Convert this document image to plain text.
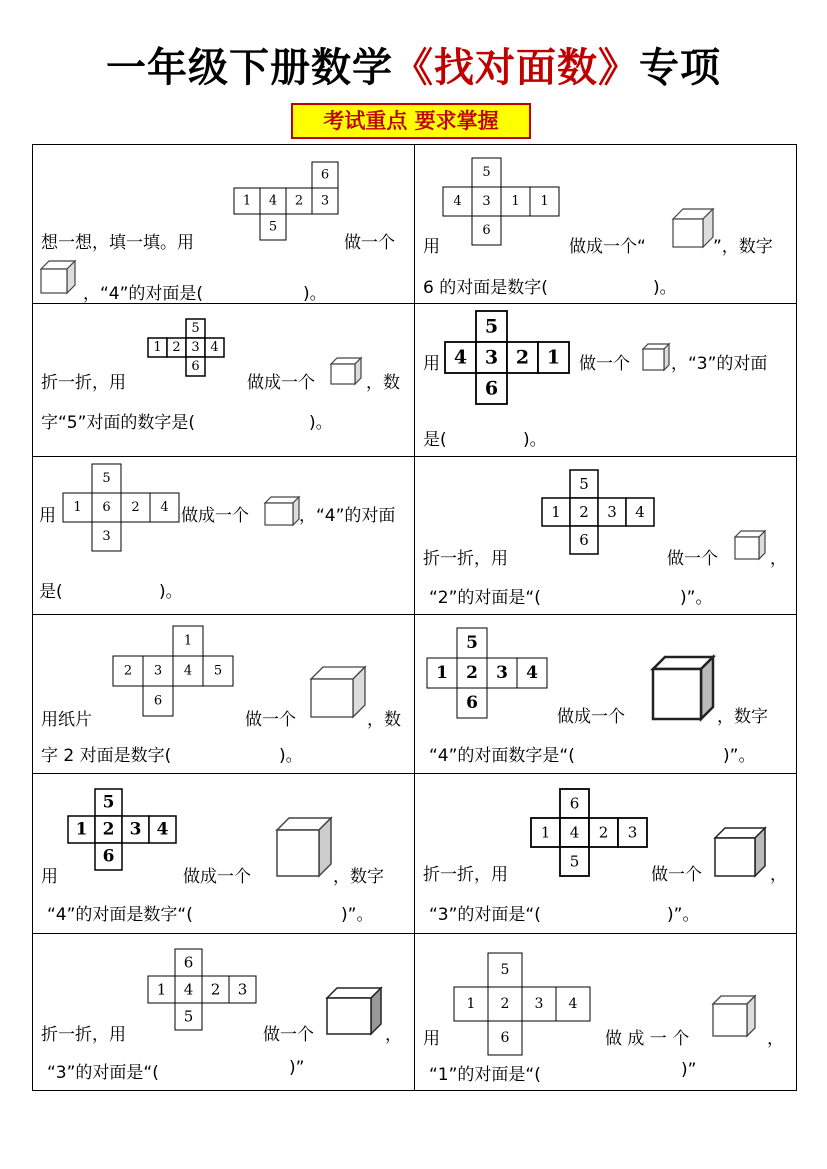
一年级下册数学《找对面数》专项
考试重点 要求掌握
6
1 4 2 3
5
想一想，填一填。用	做一个
，“4”的对面是(	)。
5
4 3 1 1
6
用	做成一个“	”，数字
6 的对面是数字(	)。
5
1 2 3 4
6
折一折，用	做成一个	，数
字“5”对面的数字是(	)。
5
4 3 2 1
6
用	做一个 ，“3”的对面
是(	)。
5
1 6 2 4
3
用	做成一个	，“4”的对面
是(	)。
5
1 2 3 4
6
折一折，用	做一个	，
“2”的对面是“(	)”。
1
2 3 4 5
6
用纸片	做一个	，数
字 2 对面是数字(	)。
5
1 2 3 4
6
做成一个	，数字
“4”的对面数字是“(	)”。
5
1 2 3 4
6
用	做成一个	，数字
“4”的对面是数字“(	)”。
6
1 4 2 3
5
折一折，用	做一个	，
“3”的对面是“(	)”。
6
1 4 2 3
5
折一折，用	做一个	，
“3”的对面是“(	)”
5
1 2 3 4
6
用	做 成 一 个	，
“1”的对面是“(	)”
